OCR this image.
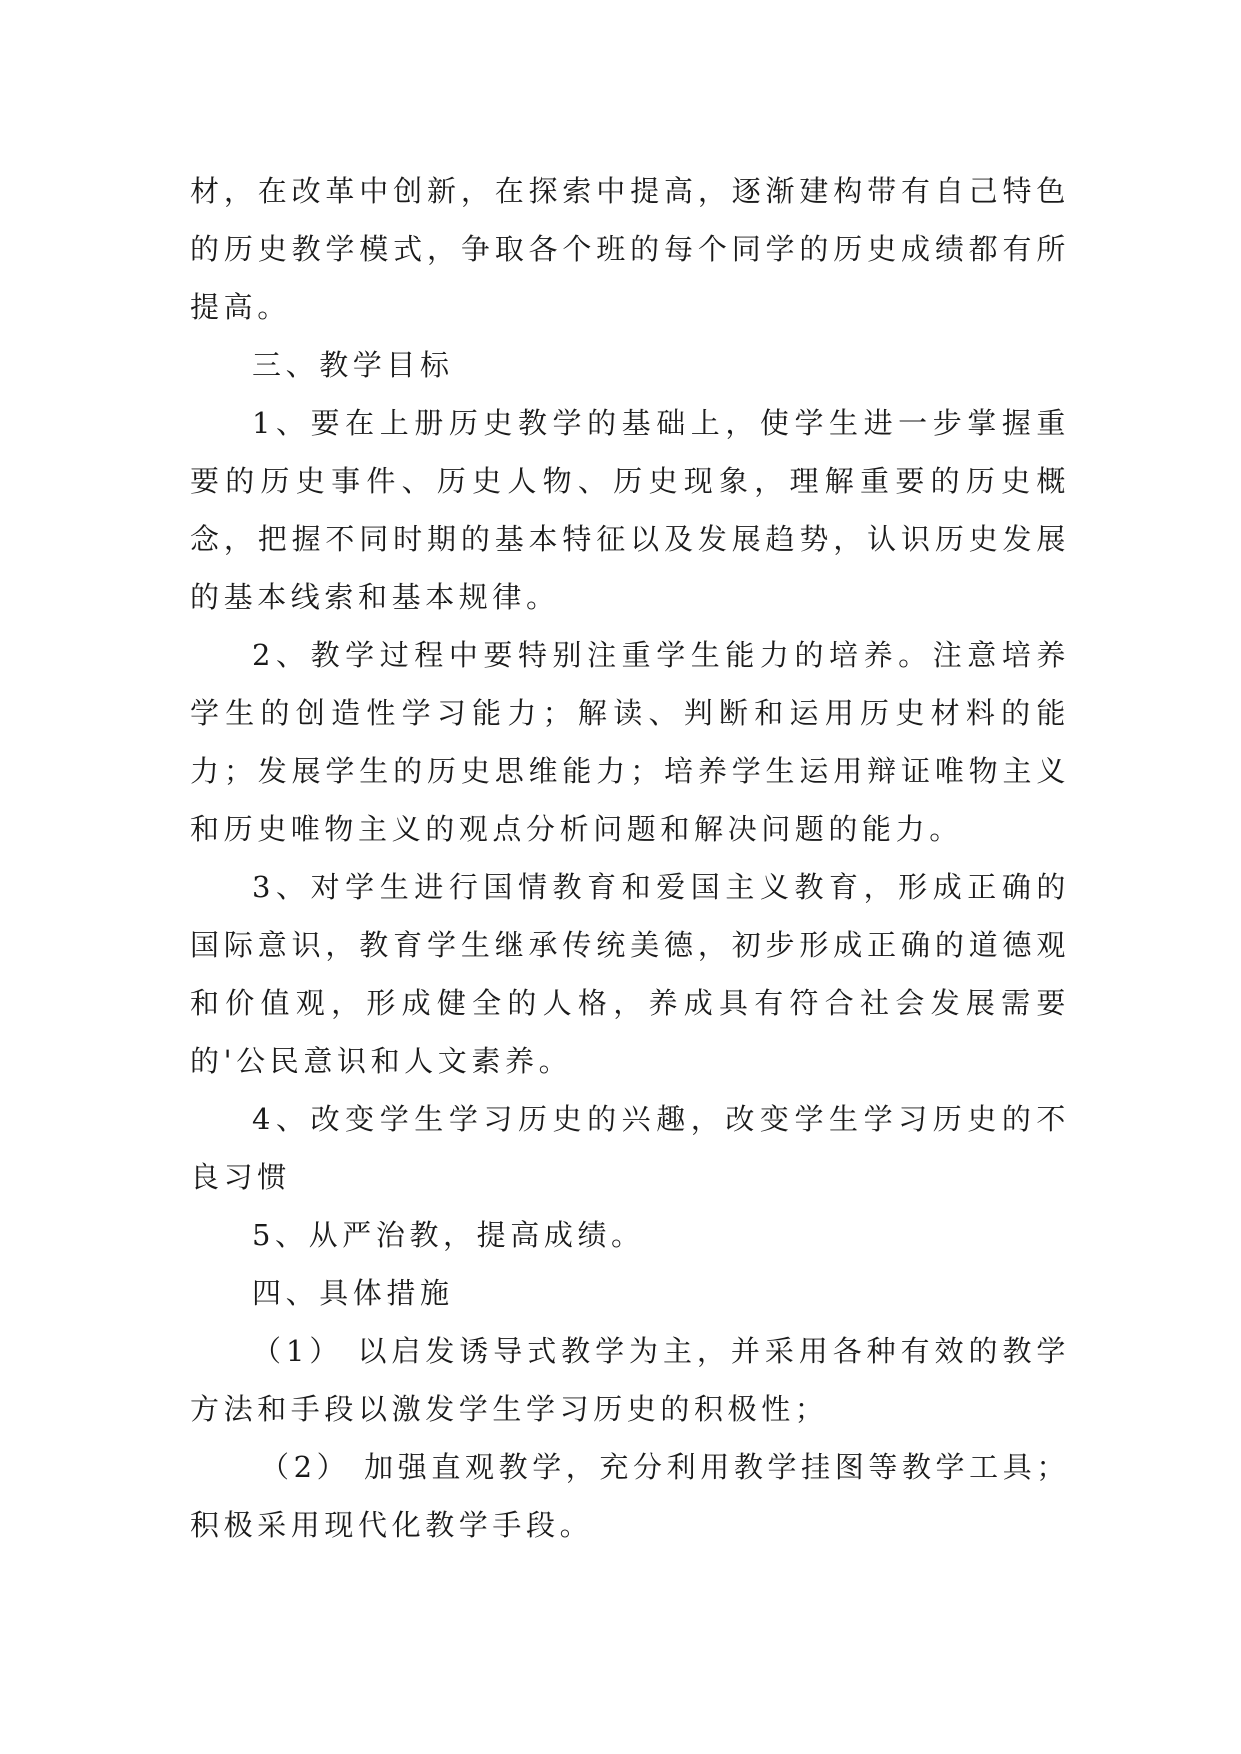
材，在改革中创新，在探索中提高，逐渐建构带有自己特色的历史教学模式，争取各个班的每个同学的历史成绩都有所提高。

三、教学目标

1、要在上册历史教学的基础上，使学生进一步掌握重要的历史事件、历史人物、历史现象，理解重要的历史概念，把握不同时期的基本特征以及发展趋势，认识历史发展的基本线索和基本规律。

2、教学过程中要特别注重学生能力的培养。注意培养学生的创造性学习能力；解读、判断和运用历史材料的能力；发展学生的历史思维能力；培养学生运用辩证唯物主义和历史唯物主义的观点分析问题和解决问题的能力。

3、对学生进行国情教育和爱国主义教育，形成正确的国际意识，教育学生继承传统美德，初步形成正确的道德观和价值观，形成健全的人格，养成具有符合社会发展需要的'公民意识和人文素养。

4、改变学生学习历史的兴趣，改变学生学习历史的不良习惯

5、从严治教，提高成绩。

四、具体措施

（1） 以启发诱导式教学为主，并采用各种有效的教学方法和手段以激发学生学习历史的积极性；

（2） 加强直观教学，充分利用教学挂图等教学工具；积极采用现代化教学手段。
